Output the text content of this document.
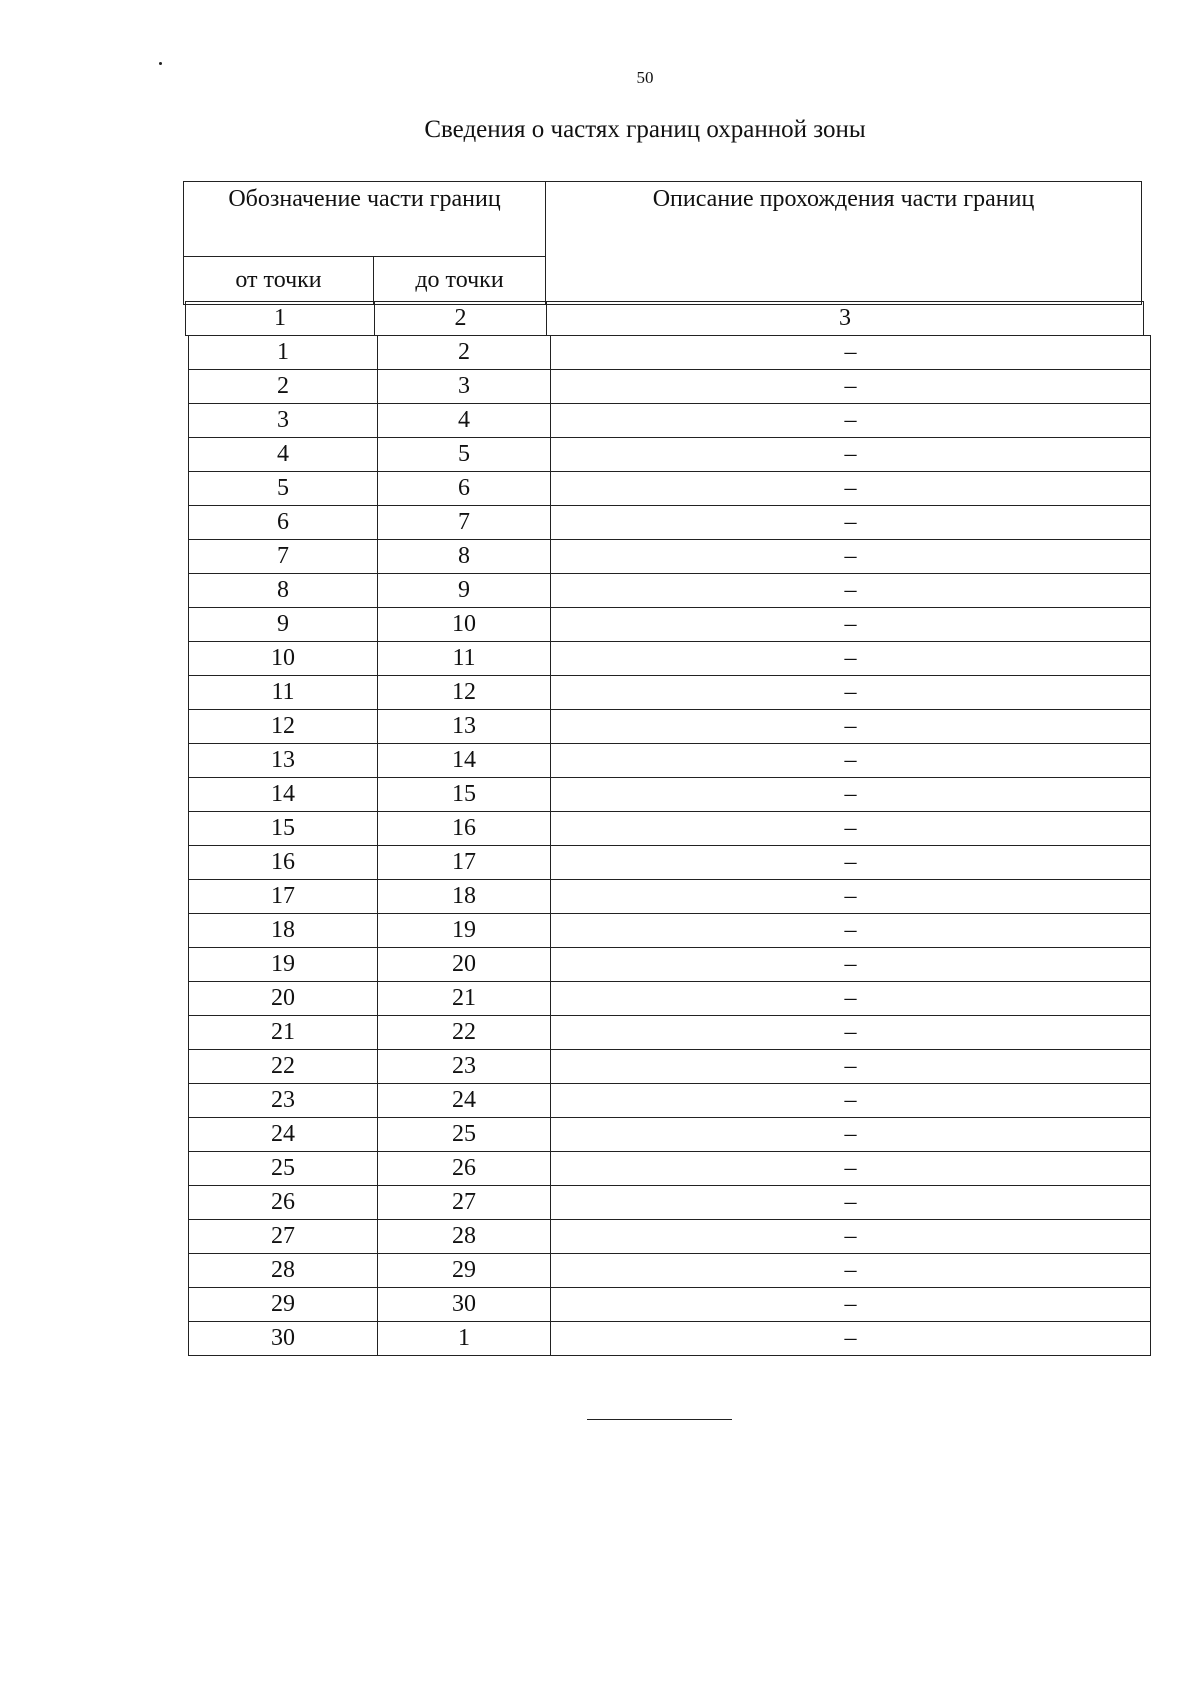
50
Сведения о частях границ охранной зоны
Обозначение части границ		Описание прохождения части границ
от точки	до точки	
1	2	3
1	2	–
2	3	–
3	4	–
4	5	–
5	6	–
6	7	–
7	8	–
8	9	–
9	10	–
10	11	–
11	12	–
12	13	–
13	14	–
14	15	–
15	16	–
16	17	–
17	18	–
18	19	–
19	20	–
20	21	–
21	22	–
22	23	–
23	24	–
24	25	–
25	26	–
26	27	–
27	28	–
28	29	–
29	30	–
30	1	–
